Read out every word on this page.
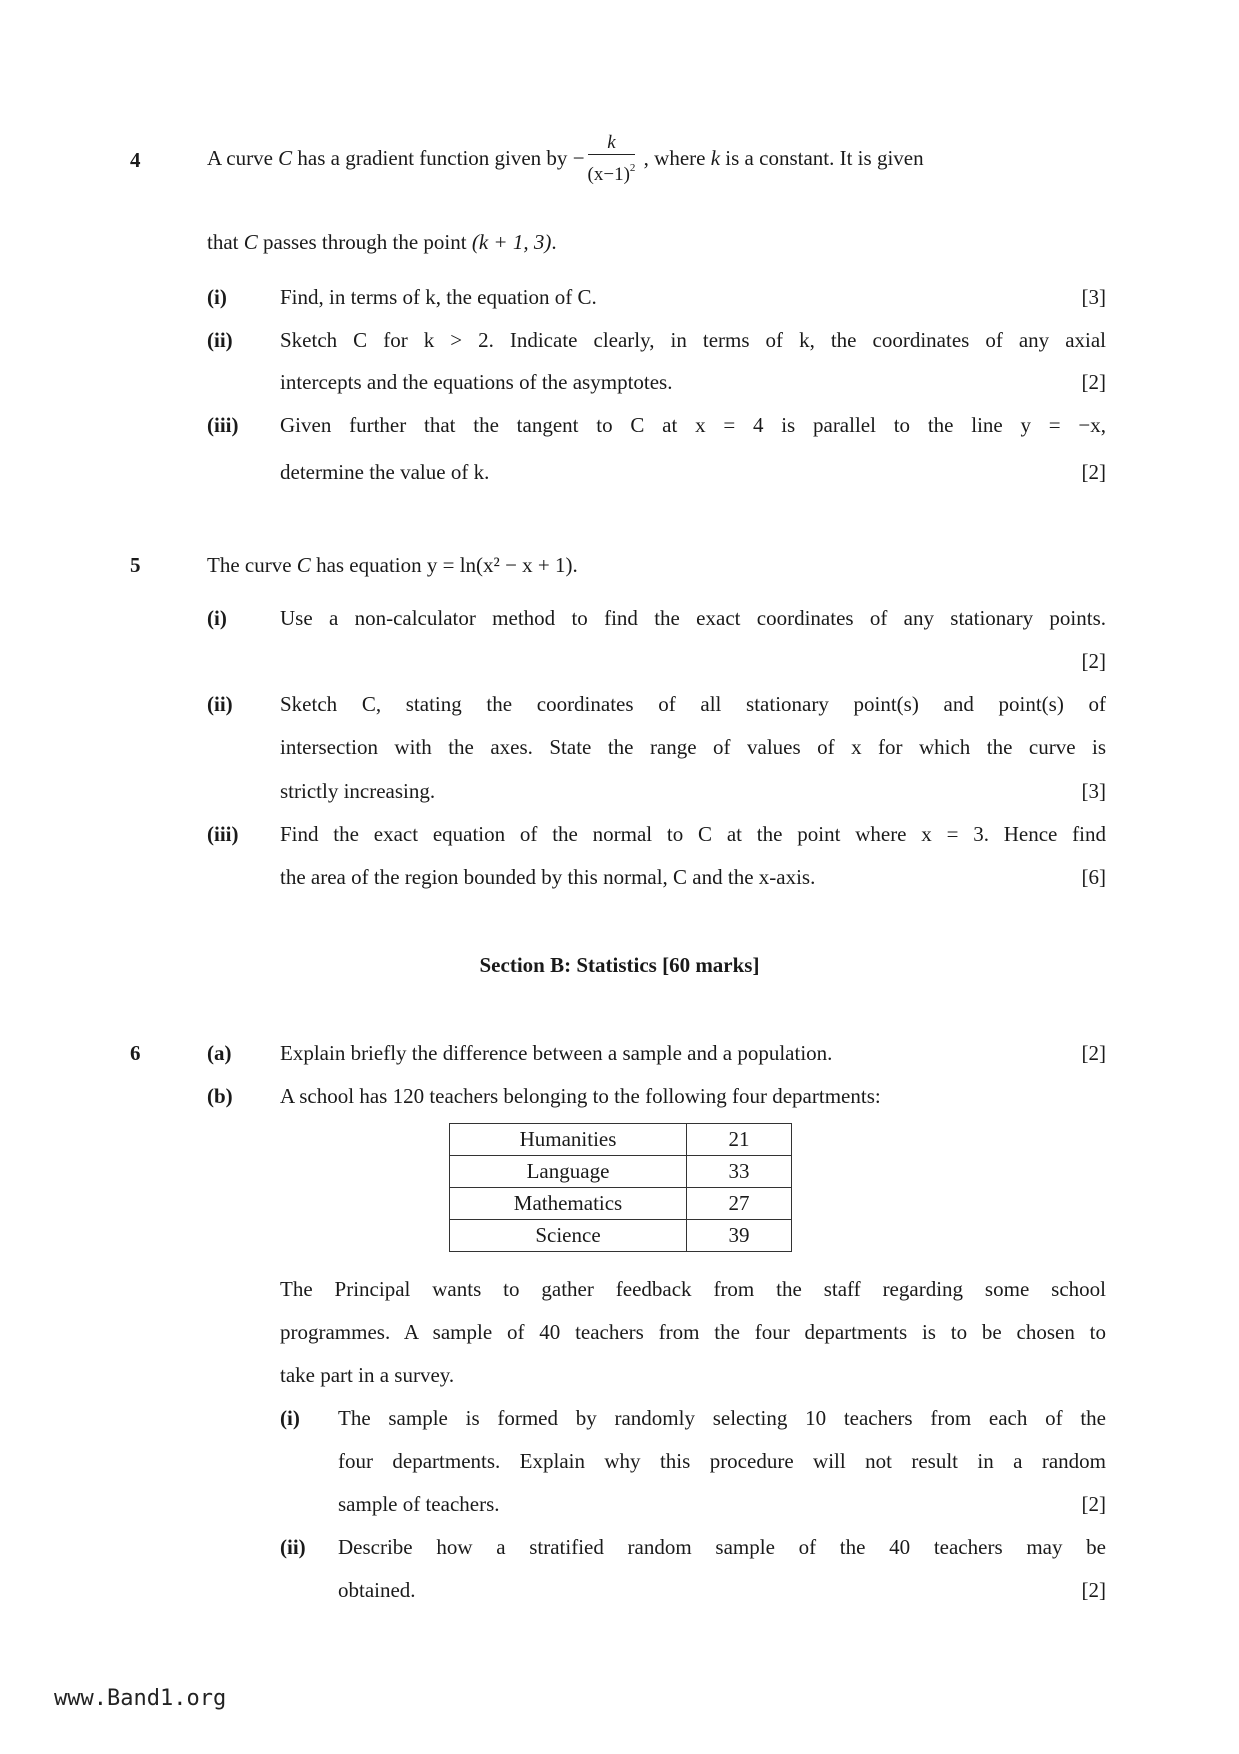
4	A curve C has a gradient function given by − $\frac{k}{(x-1)^2}$ , where k is a constant. It is given
that C passes through the point (k + 1, 3).
(i)	Find, in terms of k, the equation of C.	[3]
(ii) Sketch C for k > 2. Indicate clearly, in terms of k, the coordinates of any axial
intercepts and the equations of the asymptotes.	[2]
(iii) Given further that the tangent to C at x = 4 is parallel to the line y = −x,
determine the value of k.	[2]
5	The curve C has equation y = ln(x² − x + 1).
(i)	Use a non-calculator method to find the exact coordinates of any stationary points.
[2]
(ii) Sketch C, stating the coordinates of all stationary point(s) and point(s) of
intersection with the axes. State the range of values of x for which the curve is
strictly increasing.	[3]
(iii) Find the exact equation of the normal to C at the point where x = 3. Hence find
the area of the region bounded by this normal, C and the x-axis.	[6]
Section B: Statistics [60 marks]
6	(a) Explain briefly the difference between a sample and a population.	[2]
(b) A school has 120 teachers belonging to the following four departments:
Humanities	21
Language	33
Mathematics	27
Science	39
The Principal wants to gather feedback from the staff regarding some school
programmes. A sample of 40 teachers from the four departments is to be chosen to
take part in a survey.
(i) The sample is formed by randomly selecting 10 teachers from each of the
four departments. Explain why this procedure will not result in a random
sample of teachers.	[2]
(ii) Describe how a stratified random sample of the 40 teachers may be
obtained.	[2]
www.Band1.org
